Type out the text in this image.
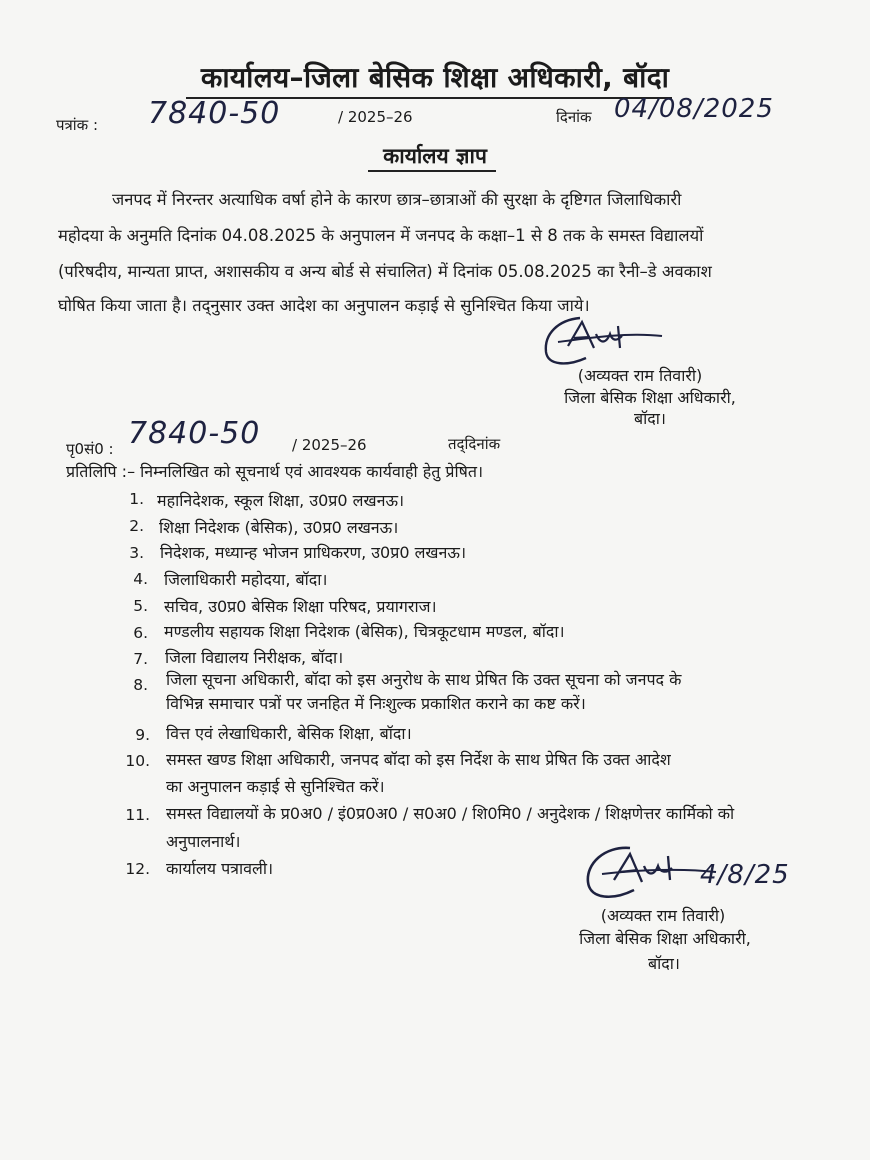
कार्यालय–जिला बेसिक शिक्षा अधिकारी, बॉदा
पत्रांक : 7840-50	/ 2025–26	दिनांक 04/08/2025
कार्यालय ज्ञाप
जनपद में निरन्तर अत्याधिक वर्षा होने के कारण छात्र–छात्राओं की सुरक्षा के दृष्टिगत जिलाधिकारी
महोदया के अनुमति दिनांक 04.08.2025 के अनुपालन में जनपद के कक्षा–1 से 8 तक के समस्त विद्यालयों
(परिषदीय, मान्यता प्राप्त, अशासकीय व अन्य बोर्ड से संचालित) में दिनांक 05.08.2025 का रैनी–डे अवकाश
घोषित किया जाता है। तद्‌नुसार उक्त आदेश का अनुपालन कड़ाई से सुनिश्चित किया जाये।
(अव्यक्त राम तिवारी)
जिला बेसिक शिक्षा अधिकारी,
बॉदा।
पृ0सं0 : 7840-50 / 2025–26	तद्‌दिनांक
प्रतिलिपि :– निम्नलिखित को सूचनार्थ एवं आवश्यक कार्यवाही हेतु प्रेषित।
1. महानिदेशक, स्कूल शिक्षा, उ0प्र0 लखनऊ।
2. शिक्षा निदेशक (बेसिक), उ0प्र0 लखनऊ।
3. निदेशक, मध्यान्ह भोजन प्राधिकरण, उ0प्र0 लखनऊ।
4. जिलाधिकारी महोदया, बॉदा।
5. सचिव, उ0प्र0 बेसिक शिक्षा परिषद, प्रयागराज।
6. मण्डलीय सहायक शिक्षा निदेशक (बेसिक), चित्रकूटधाम मण्डल, बॉदा।
7. जिला विद्यालय निरीक्षक, बॉदा।
8. जिला सूचना अधिकारी, बॉदा को इस अनुरोध के साथ प्रेषित कि उक्त सूचना को जनपद के
विभिन्न समाचार पत्रों पर जनहित में निःशुल्क प्रकाशित कराने का कष्ट करें।
9. वित्त एवं लेखाधिकारी, बेसिक शिक्षा, बॉदा।
10. समस्त खण्ड शिक्षा अधिकारी, जनपद बॉदा को इस निर्देश के साथ प्रेषित कि उक्त आदेश
का अनुपालन कड़ाई से सुनिश्चित करें।
11. समस्त विद्यालयों के प्र0अ0 / इं0प्र0अ0 / स0अ0 / शि0मि0 / अनुदेशक / शिक्षणेत्तर कार्मिको को
अनुपालनार्थ।
12. कार्यालय पत्रावली।	4/8/25
(अव्यक्त राम तिवारी)
जिला बेसिक शिक्षा अधिकारी,
बॉदा।
